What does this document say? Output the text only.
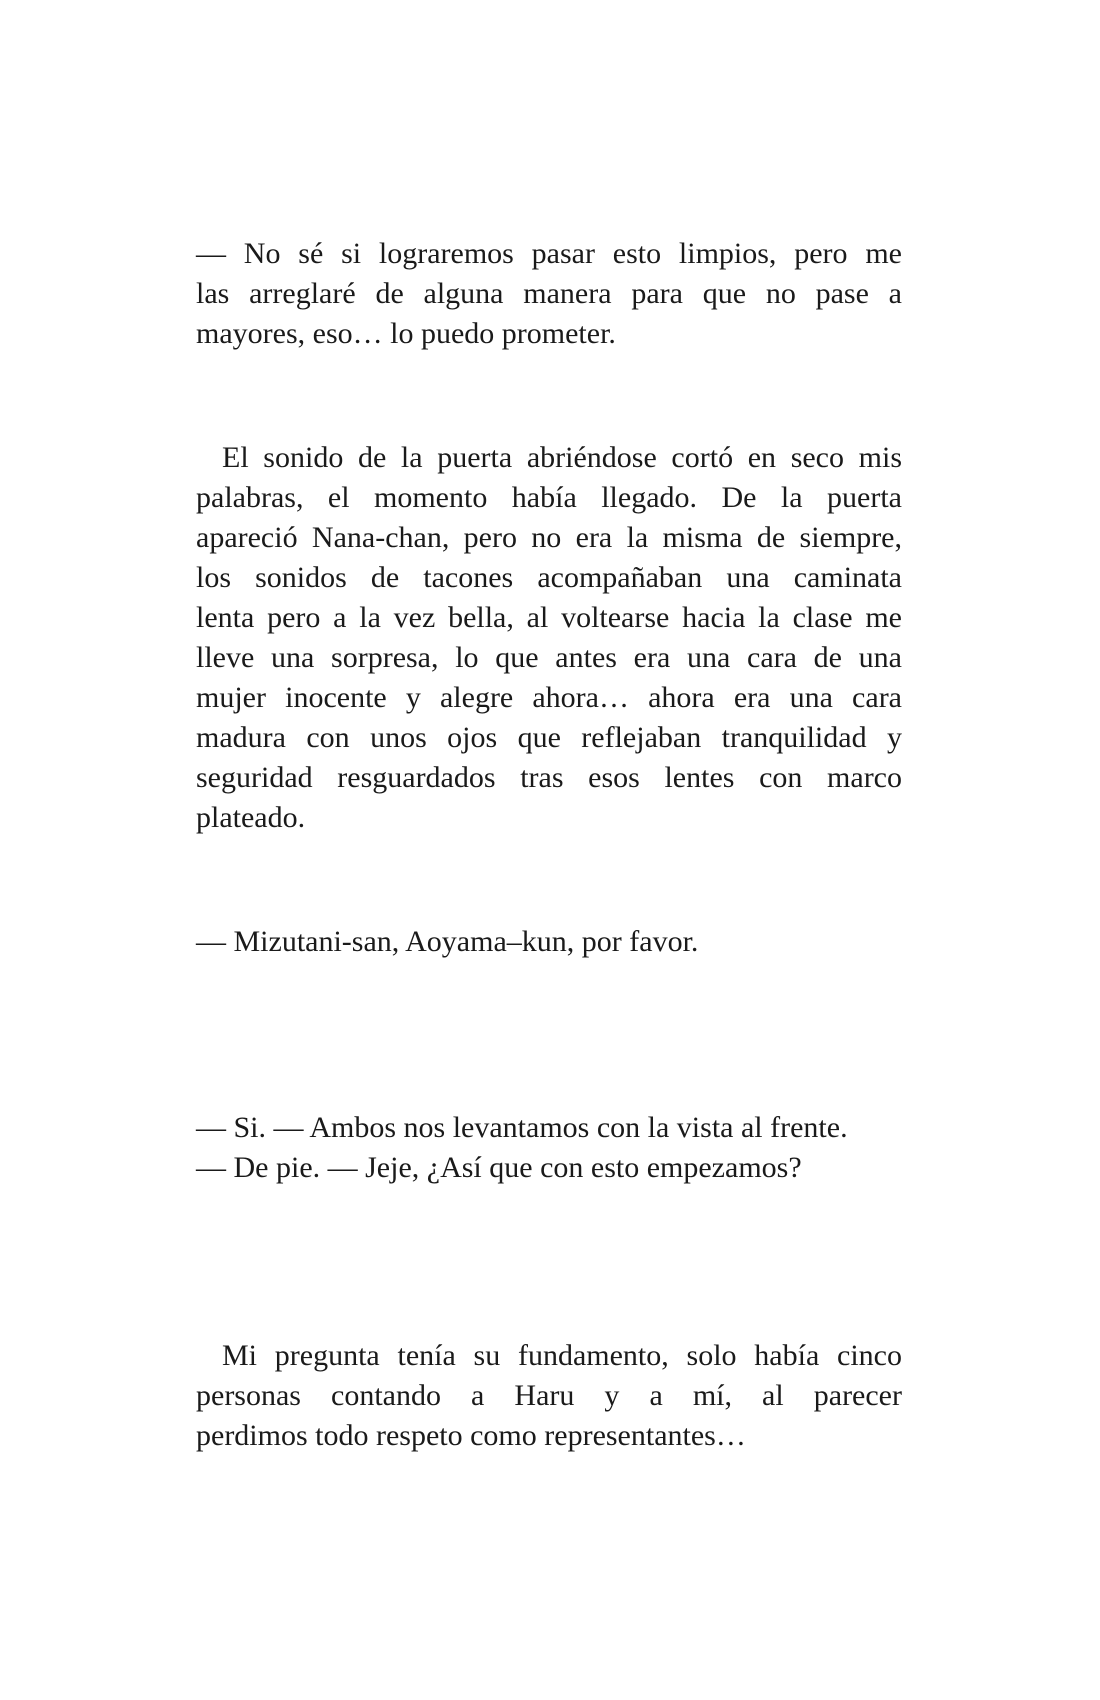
— No sé si lograremos pasar esto limpios, pero me
las arreglaré de alguna manera para que no pase a
mayores, eso… lo puedo prometer.

El sonido de la puerta abriéndose cortó en seco mis
palabras, el momento había llegado. De la puerta
apareció Nana-chan, pero no era la misma de siempre,
los sonidos de tacones acompañaban una caminata
lenta pero a la vez bella, al voltearse hacia la clase me
lleve una sorpresa, lo que antes era una cara de una
mujer inocente y alegre ahora… ahora era una cara
madura con unos ojos que reflejaban tranquilidad y
seguridad resguardados tras esos lentes con marco
plateado.

— Mizutani-san, Aoyama–kun, por favor.

— Si. — Ambos nos levantamos con la vista al frente.
— De pie. — Jeje, ¿Así que con esto empezamos?

Mi pregunta tenía su fundamento, solo había cinco
personas contando a Haru y a mí, al parecer
perdimos todo respeto como representantes…
